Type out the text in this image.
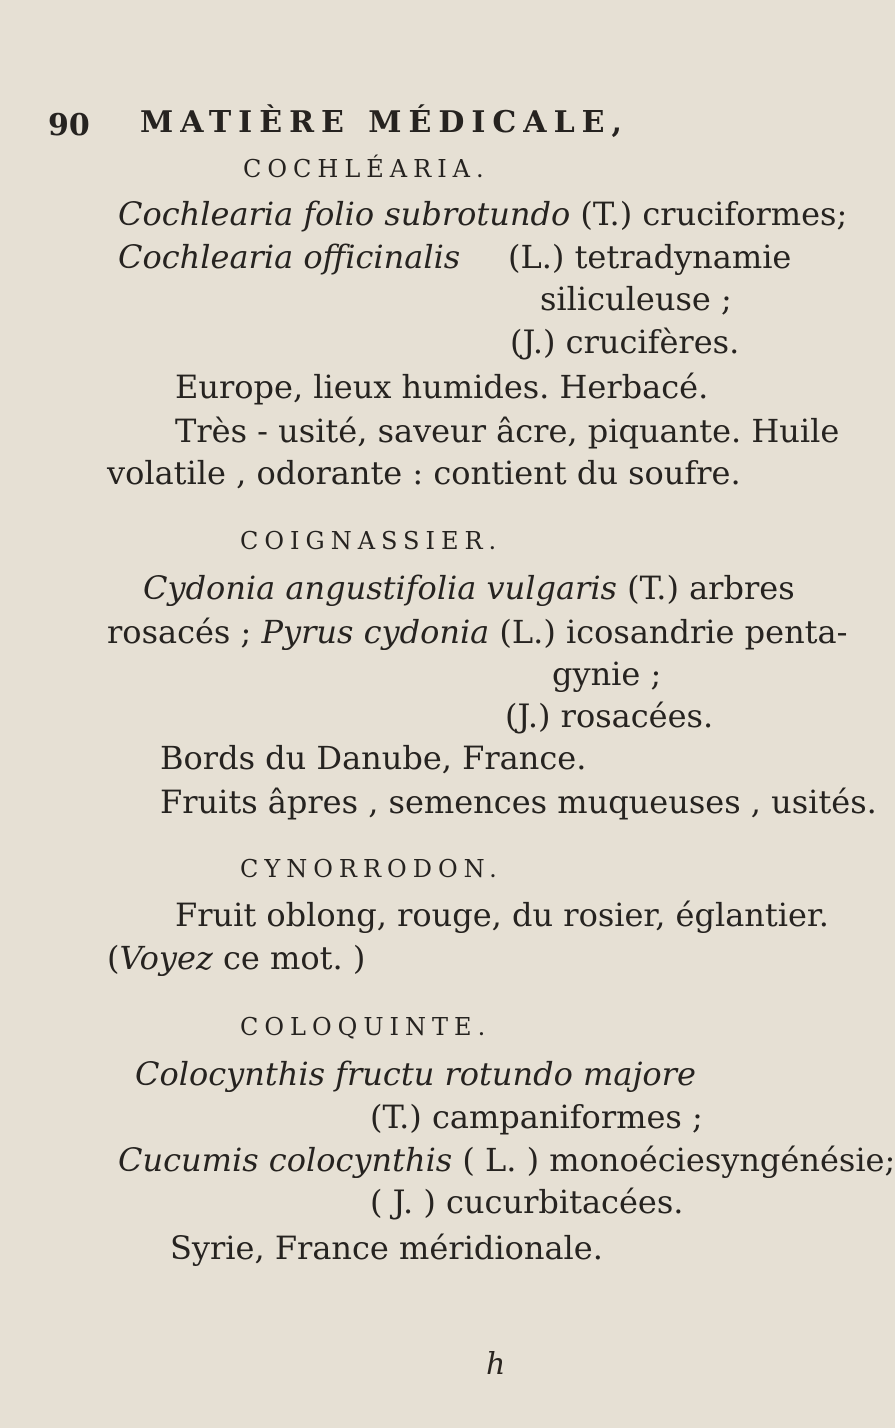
90 MATIÈRE MÉDICALE,
COCHLÉARIA.

Cochlearia folio subrotundo (T.) cruciformes;

Cochlearia officinalis (L.) tetradynamie

siliculeuse ;

(J.) crucifères.

Europe, lieux humides. Herbacé.

Très - usité, saveur âcre, piquante. Huile

volatile , odorante : contient du soufre.

COIGNASSIER.

Cydonia angustifolia vulgaris (T.) arbres

rosacés ; Pyrus cydonia (L.) icosandrie penta-

gynie ;

(J.) rosacées.

Bords du Danube, France.

Fruits âpres , semences muqueuses , usités.

CYNORRODON.

Fruit oblong, rouge, du rosier, églantier.

(Voyez ce mot. )

COLOQUINTE.

Colocynthis fructu rotundo majore

(T.) campaniformes ;

Cucumis colocynthis ( L. ) monoéciesyngénésie;

( J. ) cucurbitacées.

Syrie, France méridionale.

h
